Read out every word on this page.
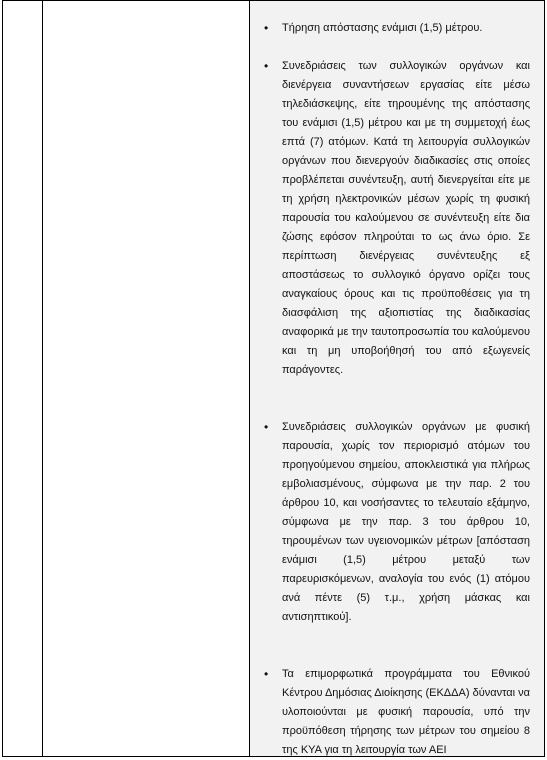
• Τήρηση απόστασης ενάμισι (1,5) μέτρου.
• Συνεδριάσεις των συλλογικών οργάνων και διενέργεια συναντήσεων εργασίας είτε μέσω τηλεδιάσκεψης, είτε τηρουμένης της απόστασης του ενάμισι (1,5) μέτρου και με τη συμμετοχή έως επτά (7) ατόμων. Κατά τη λειτουργία συλλογικών οργάνων που διενεργούν διαδικασίες στις οποίες προβλέπεται συνέντευξη, αυτή διενεργείται είτε με τη χρήση ηλεκτρονικών μέσων χωρίς τη φυσική παρουσία του καλούμενου σε συνέντευξη είτε δια ζώσης εφόσον πληρούται το ως άνω όριο. Σε περίπτωση διενέργειας συνέντευξης εξ αποστάσεως το συλλογικό όργανο ορίζει τους αναγκαίους όρους και τις προϋποθέσεις για τη διασφάλιση της αξιοπιστίας της διαδικασίας αναφορικά με την ταυτοπροσωπία του καλούμενου και τη μη υποβοήθησή του από εξωγενείς παράγοντες.
• Συνεδριάσεις συλλογικών οργάνων με φυσική παρουσία, χωρίς τον περιορισμό ατόμων του προηγούμενου σημείου, αποκλειστικά για πλήρως εμβολιασμένους, σύμφωνα με την παρ. 2 του άρθρου 10, και νοσήσαντες το τελευταίο εξάμηνο, σύμφωνα με την παρ. 3 του άρθρου 10, τηρουμένων των υγειονομικών μέτρων [απόσταση ενάμισι (1,5) μέτρου μεταξύ των παρευρισκόμενων, αναλογία του ενός (1) ατόμου ανά πέντε (5) τ.μ., χρήση μάσκας και αντισηπτικού].
• Τα επιμορφωτικά προγράμματα του Εθνικού Κέντρου Δημόσιας Διοίκησης (ΕΚΔΔΑ) δύνανται να υλοποιούνται με φυσική παρουσία, υπό την προϋπόθεση τήρησης των μέτρων του σημείου 8 της ΚΥΑ για τη λειτουργία των ΑΕΙ
